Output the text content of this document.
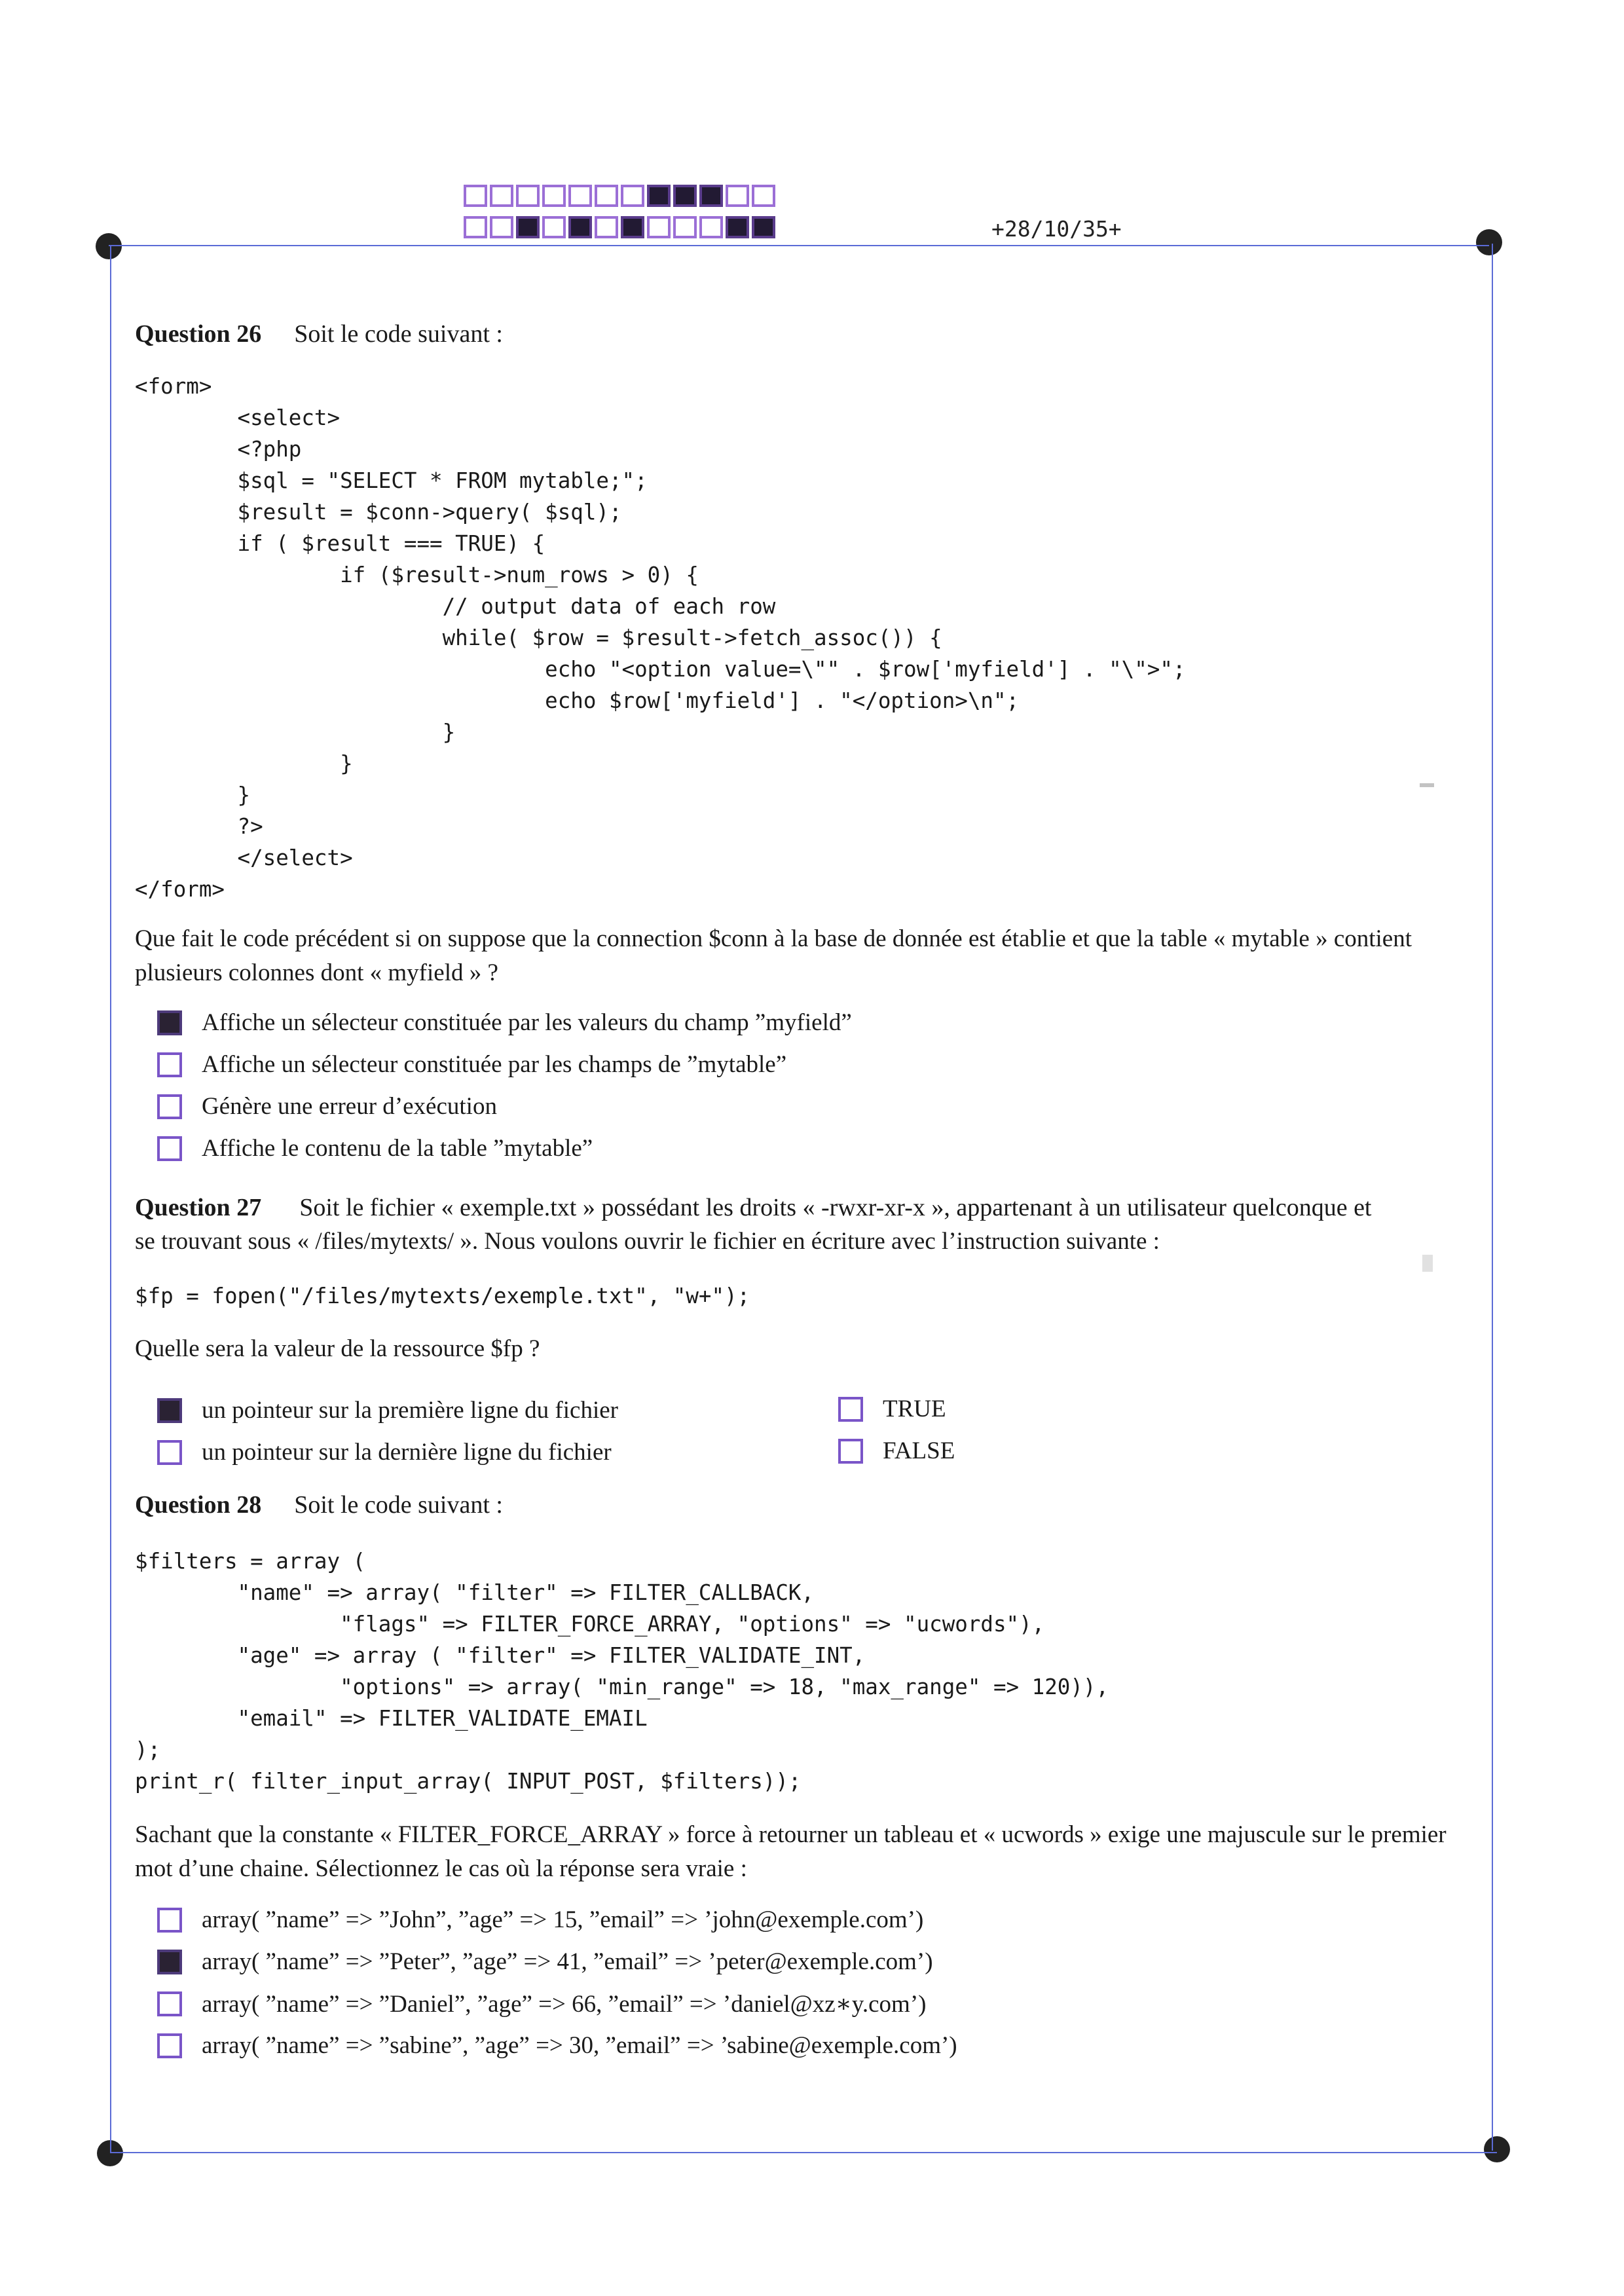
+28/10/35+
Question 26 Soit le code suivant :
<form>
<select>
<?php
$sql = "SELECT * FROM mytable;";
$result = $conn->query( $sql);
if ( $result === TRUE) {
if ($result->num_rows > 0) {
// output data of each row
while( $row = $result->fetch_assoc()) {
echo "<option value=\"" . $row['myfield'] . "\">";
echo $row['myfield'] . "</option>\n";
}
}
}
?>
</select>
</form>
Que fait le code précédent si on suppose que la connection $conn à la base de donnée est établie et que la table « mytable » contient plusieurs colonnes dont « myfield » ?
Affiche un sélecteur constituée par les valeurs du champ ”myfield”
Affiche un sélecteur constituée par les champs de ”mytable”
Génère une erreur d’exécution
Affiche le contenu de la table ”mytable”
Question 27 Soit le fichier « exemple.txt » possédant les droits « -rwxr-xr-x », appartenant à un utilisateur quelconque et
se trouvant sous « /files/mytexts/ ». Nous voulons ouvrir le fichier en écriture avec l’instruction suivante :
$fp = fopen("/files/mytexts/exemple.txt", "w+");
Quelle sera la valeur de la ressource $fp ?
un pointeur sur la première ligne du fichier
un pointeur sur la dernière ligne du fichier
TRUE
FALSE
Question 28 Soit le code suivant :
$filters = array (
"name" => array( "filter" => FILTER_CALLBACK,
"flags" => FILTER_FORCE_ARRAY, "options" => "ucwords"),
"age" => array ( "filter" => FILTER_VALIDATE_INT,
"options" => array( "min_range" => 18, "max_range" => 120)),
"email" => FILTER_VALIDATE_EMAIL
);
print_r( filter_input_array( INPUT_POST, $filters));
Sachant que la constante « FILTER_FORCE_ARRAY » force à retourner un tableau et « ucwords » exige une majuscule sur le premier mot d’une chaine. Sélectionnez le cas où la réponse sera vraie :
array( ”name” => ”John”, ”age” => 15, ”email” => ’john@exemple.com’)
array( ”name” => ”Peter”, ”age” => 41, ”email” => ’peter@exemple.com’)
array( ”name” => ”Daniel”, ”age” => 66, ”email” => ’daniel@xz∗y.com’)
array( ”name” => ”sabine”, ”age” => 30, ”email” => ’sabine@exemple.com’)
